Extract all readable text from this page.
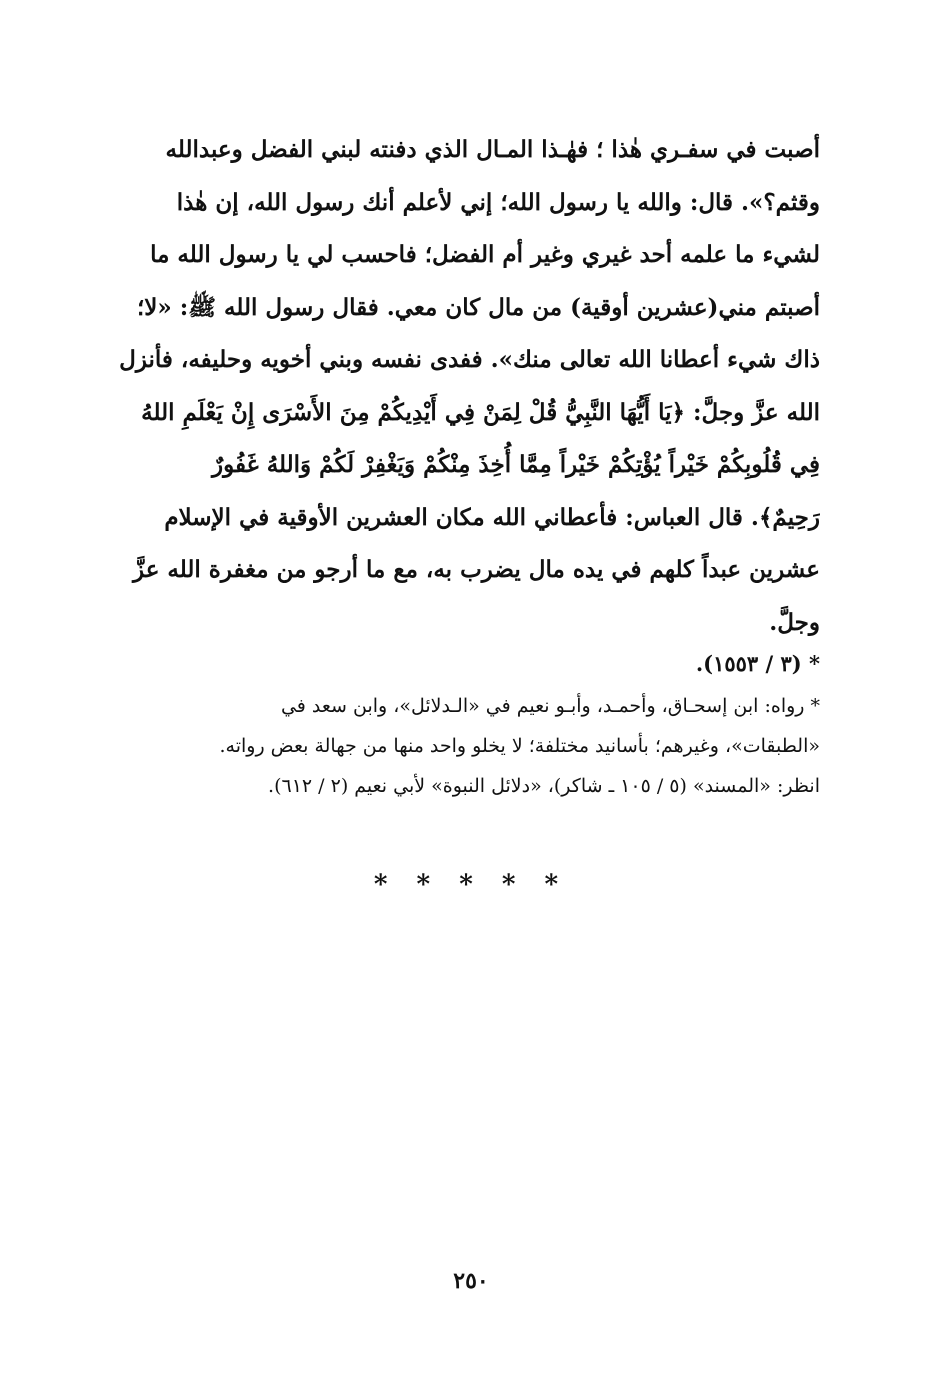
أصبت في سفـري هٰذا ؛ فهٰـذا المـال الذي دفنته لبني الفضل وعبدالله
وقثم؟». قال: والله يا رسول الله؛ إني لأعلم أنك رسول الله، إن هٰذا
لشيء ما علمه أحد غيري وغير أم الفضل؛ فاحسب لي يا رسول الله ما
أصبتم مني(عشرين أوقية) من مال كان معي. فقال رسول الله ﷺ: «لا؛
ذاك شيء أعطانا الله تعالى منك». ففدى نفسه وبني أخويه وحليفه، فأنزل
الله عزَّ وجلَّ: ﴿يَا أَيُّهَا النَّبِيُّ قُلْ لِمَنْ فِي أَيْدِيكُمْ مِنَ الأَسْرَى إِنْ يَعْلَمِ اللهُ
فِي قُلُوبِكُمْ خَيْراً يُؤْتِكُمْ خَيْراً مِمَّا أُخِذَ مِنْكُمْ وَيَغْفِرْ لَكُمْ وَاللهُ غَفُورٌ
رَحِيمٌ﴾. قال العباس: فأعطاني الله مكان العشرين الأوقية في الإسلام
عشرين عبداً كلهم في يده مال يضرب به، مع ما أرجو من مغفرة الله عزَّ
وجلَّ.
* (٣ / ١٥٥٣).
* رواه: ابن إسحـاق، وأحمـد، وأبـو نعيم في «الـدلائل»، وابن سعد في
«الطبقات»، وغيرهم؛ بأسانيد مختلفة؛ لا يخلو واحد منها من جهالة بعض رواته.
انظر: «المسند» (٥ / ١٠٥ ـ شاكر)، «دلائل النبوة» لأبي نعيم (٢ / ٦١٢).
* * * * *
٢٥٠
